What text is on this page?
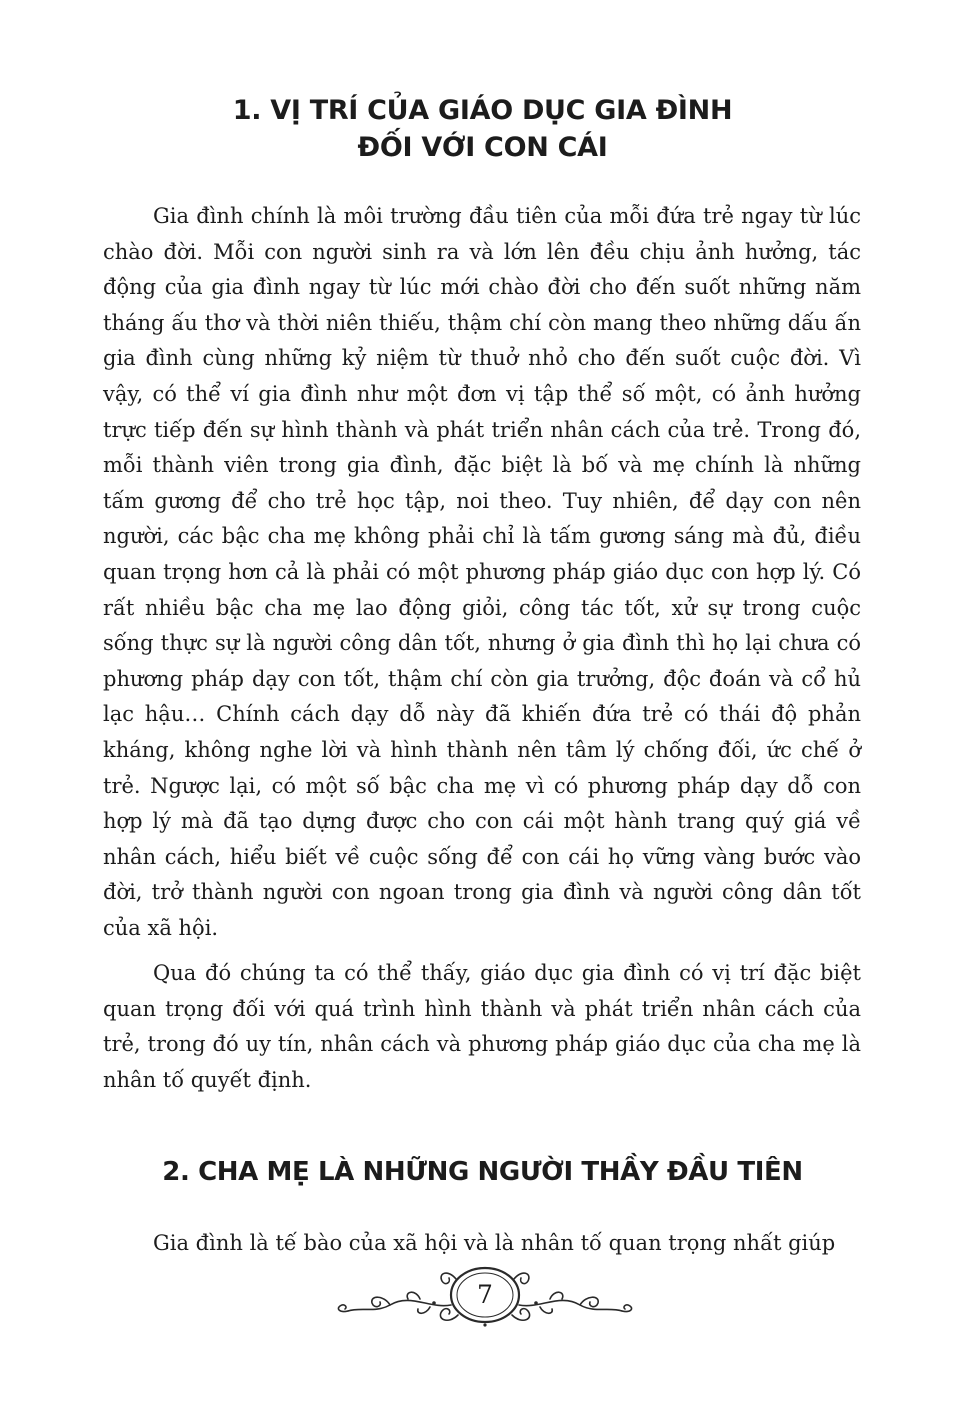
1. VỊ TRÍ CỦA GIÁO DỤC GIA ĐÌNH
ĐỐI VỚI CON CÁI

Gia đình chính là môi trường đầu tiên của mỗi đứa trẻ ngay từ lúc chào đời. Mỗi con người sinh ra và lớn lên đều chịu ảnh hưởng, tác động của gia đình ngay từ lúc mới chào đời cho đến suốt những năm tháng ấu thơ và thời niên thiếu, thậm chí còn mang theo những dấu ấn gia đình cùng những kỷ niệm từ thuở nhỏ cho đến suốt cuộc đời. Vì vậy, có thể ví gia đình như một đơn vị tập thể số một, có ảnh hưởng trực tiếp đến sự hình thành và phát triển nhân cách của trẻ. Trong đó, mỗi thành viên trong gia đình, đặc biệt là bố và mẹ chính là những tấm gương để cho trẻ học tập, noi theo. Tuy nhiên, để dạy con nên người, các bậc cha mẹ không phải chỉ là tấm gương sáng mà đủ, điều quan trọng hơn cả là phải có một phương pháp giáo dục con hợp lý. Có rất nhiều bậc cha mẹ lao động giỏi, công tác tốt, xử sự trong cuộc sống thực sự là người công dân tốt, nhưng ở gia đình thì họ lại chưa có phương pháp dạy con tốt, thậm chí còn gia trưởng, độc đoán và cổ hủ lạc hậu… Chính cách dạy dỗ này đã khiến đứa trẻ có thái độ phản kháng, không nghe lời và hình thành nên tâm lý chống đối, ức chế ở trẻ. Ngược lại, có một số bậc cha mẹ vì có phương pháp dạy dỗ con hợp lý mà đã tạo dựng được cho con cái một hành trang quý giá về nhân cách, hiểu biết về cuộc sống để con cái họ vững vàng bước vào đời, trở thành người con ngoan trong gia đình và người công dân tốt của xã hội.

Qua đó chúng ta có thể thấy, giáo dục gia đình có vị trí đặc biệt quan trọng đối với quá trình hình thành và phát triển nhân cách của trẻ, trong đó uy tín, nhân cách và phương pháp giáo dục của cha mẹ là nhân tố quyết định.

2. CHA MẸ LÀ NHỮNG NGƯỜI THẦY ĐẦU TIÊN

Gia đình là tế bào của xã hội và là nhân tố quan trọng nhất giúp

7
